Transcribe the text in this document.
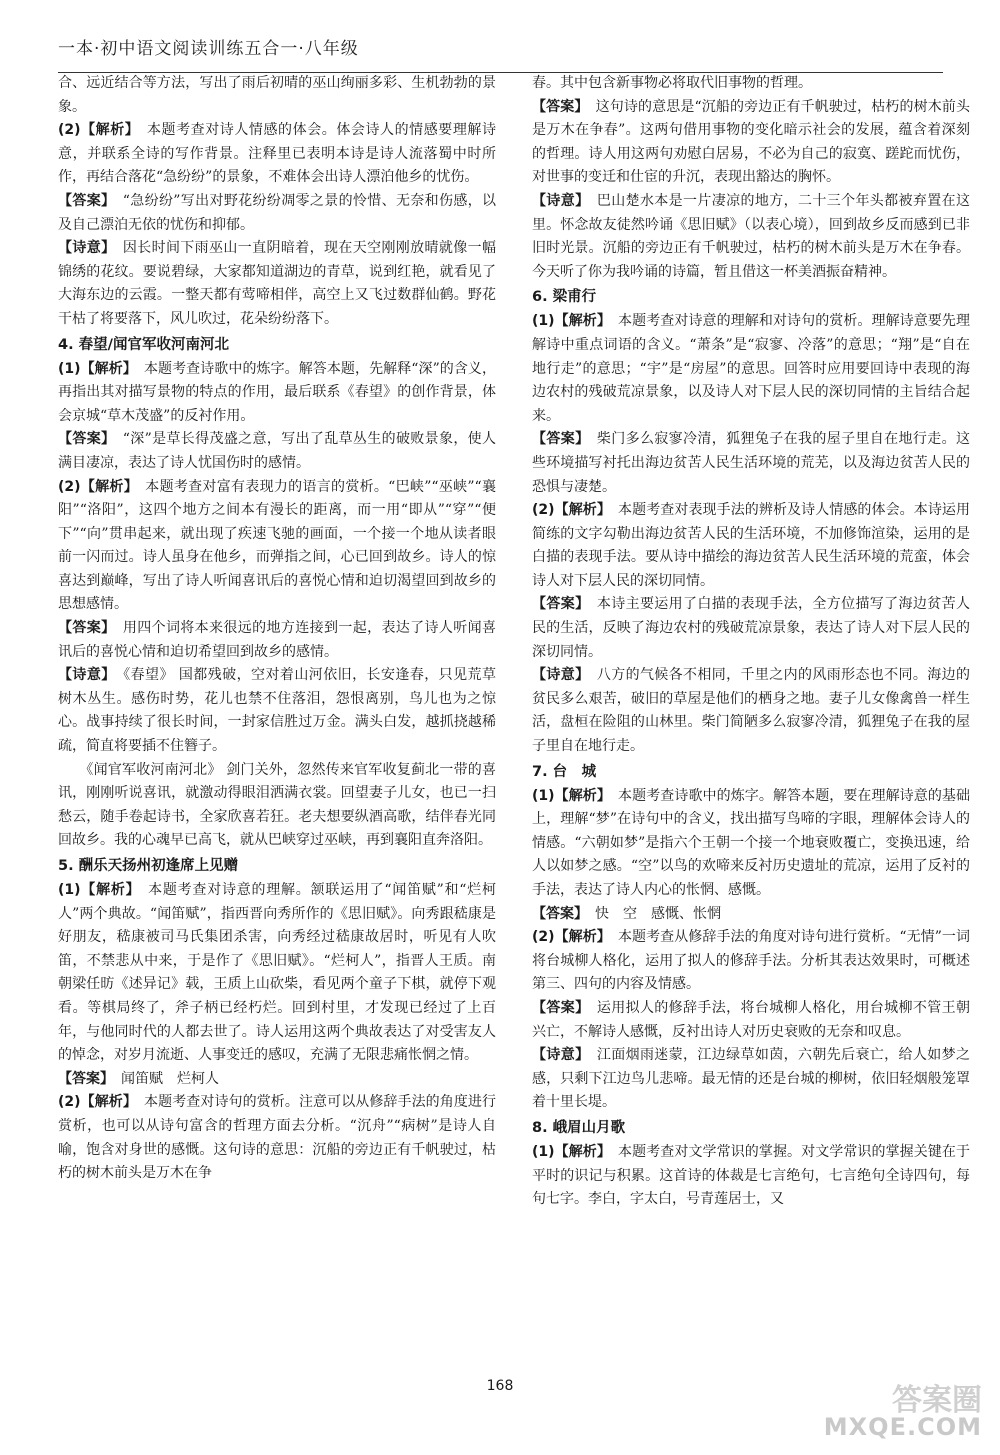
一本·初中语文阅读训练五合一·八年级
合、远近结合等方法，写出了雨后初晴的巫山绚丽多彩、生机勃勃的景象。
(2)【解析】　 本题考查对诗人情感的体会。体会诗人的情感要理解诗意，并联系全诗的写作背景。注释里已表明本诗是诗人流落蜀中时所作，再结合落花“急纷纷”的景象，不难体会出诗人漂泊他乡的忧伤。
【答案】　 “急纷纷”写出对野花纷纷凋零之景的怜惜、无奈和伤感，以及自己漂泊无依的忧伤和抑郁。
【诗意】　 因长时间下雨巫山一直阴暗着，现在天空刚刚放晴就像一幅锦绣的花纹。要说碧绿，大家都知道湖边的青草，说到红艳，就看见了大海东边的云霞。一整天都有莺啼相伴，高空上又飞过数群仙鹤。野花干枯了将要落下，风儿吹过，花朵纷纷落下。
4. 春望/闻官军收河南河北
(1)【解析】　 本题考查诗歌中的炼字。解答本题，先解释“深”的含义，再指出其对描写景物的特点的作用，最后联系《春望》的创作背景，体会京城“草木茂盛”的反衬作用。
【答案】　 “深”是草长得茂盛之意，写出了乱草丛生的破败景象，使人满目凄凉，表达了诗人忧国伤时的感情。
(2)【解析】　 本题考查对富有表现力的语言的赏析。“巴峡”“巫峡”“襄阳”“洛阳”，这四个地方之间本有漫长的距离，而一用“即从”“穿”“便下”“向”贯串起来，就出现了疾速飞驰的画面，一个接一个地从读者眼前一闪而过。诗人虽身在他乡，而弹指之间，心已回到故乡。诗人的惊喜达到巅峰，写出了诗人听闻喜讯后的喜悦心情和迫切渴望回到故乡的思想感情。
【答案】　 用四个词将本来很远的地方连接到一起，表达了诗人听闻喜讯后的喜悦心情和迫切希望回到故乡的感情。
【诗意】　 《春望》 国都残破，空对着山河依旧，长安逢春，只见荒草树木丛生。感伤时势，花儿也禁不住落泪，怨恨离别，鸟儿也为之惊心。战事持续了很长时间，一封家信胜过万金。满头白发，越抓挠越稀疏，简直将要插不住簪子。
　　《闻官军收河南河北》 剑门关外，忽然传来官军收复蓟北一带的喜讯，刚刚听说喜讯，就激动得眼泪洒满衣裳。回望妻子儿女，也已一扫愁云，随手卷起诗书，全家欣喜若狂。老夫想要纵酒高歌，结伴春光同回故乡。我的心魂早已高飞，就从巴峡穿过巫峡，再到襄阳直奔洛阳。
5. 酬乐天扬州初逢席上见赠
(1)【解析】　 本题考查对诗意的理解。颔联运用了“闻笛赋”和“烂柯人”两个典故。“闻笛赋”，指西晋向秀所作的《思旧赋》。向秀跟嵇康是好朋友，嵇康被司马氏集团杀害，向秀经过嵇康故居时，听见有人吹笛，不禁悲从中来，于是作了《思旧赋》。“烂柯人”，指晋人王质。南朝梁任昉《述异记》载，王质上山砍柴，看见两个童子下棋，就停下观看。等棋局终了，斧子柄已经朽烂。回到村里，才发现已经过了上百年，与他同时代的人都去世了。诗人运用这两个典故表达了对受害友人的悼念，对岁月流逝、人事变迁的感叹，充满了无限悲痛怅惘之情。
【答案】　 闻笛赋　烂柯人
(2)【解析】　 本题考查对诗句的赏析。注意可以从修辞手法的角度进行赏析，也可以从诗句富含的哲理方面去分析。“沉舟”“病树”是诗人自喻，饱含对身世的感慨。这句诗的意思：沉船的旁边正有千帆驶过，枯朽的树木前头是万木在争
春。其中包含新事物必将取代旧事物的哲理。
【答案】　 这句诗的意思是“沉船的旁边正有千帆驶过，枯朽的树木前头是万木在争春”。这两句借用事物的变化暗示社会的发展，蕴含着深刻的哲理。诗人用这两句劝慰白居易，不必为自己的寂寞、蹉跎而忧伤，对世事的变迁和仕宦的升沉，表现出豁达的胸怀。
【诗意】　 巴山楚水本是一片凄凉的地方，二十三个年头都被弃置在这里。怀念故友徒然吟诵《思旧赋》（以表心境），回到故乡反而感到已非旧时光景。沉船的旁边正有千帆驶过，枯朽的树木前头是万木在争春。今天听了你为我吟诵的诗篇，暂且借这一杯美酒振奋精神。
6. 梁甫行
(1)【解析】　 本题考查对诗意的理解和对诗句的赏析。理解诗意要先理解诗中重点词语的含义。“萧条”是“寂寥、冷落”的意思；“翔”是“自在地行走”的意思；“宇”是“房屋”的意思。回答时应用要回诗中表现的海边农村的残破荒凉景象，以及诗人对下层人民的深切同情的主旨结合起来。
【答案】　 柴门多么寂寥冷清，狐狸兔子在我的屋子里自在地行走。这些环境描写衬托出海边贫苦人民生活环境的荒芜，以及海边贫苦人民的恐惧与凄楚。
(2)【解析】　 本题考查对表现手法的辨析及诗人情感的体会。本诗运用简练的文字勾勒出海边贫苦人民的生活环境，不加修饰渲染，运用的是白描的表现手法。要从诗中描绘的海边贫苦人民生活环境的荒蛮，体会诗人对下层人民的深切同情。
【答案】　 本诗主要运用了白描的表现手法，全方位描写了海边贫苦人民的生活，反映了海边农村的残破荒凉景象，表达了诗人对下层人民的深切同情。
【诗意】　 八方的气候各不相同，千里之内的风雨形态也不同。海边的贫民多么艰苦，破旧的草屋是他们的栖身之地。妻子儿女像禽兽一样生活，盘桓在险阻的山林里。柴门简陋多么寂寥冷清，狐狸兔子在我的屋子里自在地行走。
7. 台　城
(1)【解析】　 本题考查诗歌中的炼字。解答本题，要在理解诗意的基础上，理解“梦”在诗句中的含义，找出描写鸟啼的字眼，理解体会诗人的情感。“六朝如梦”是指六个王朝一个接一个地衰败覆亡，变换迅速，给人以如梦之感。“空”以鸟的欢啼来反衬历史遗址的荒凉，运用了反衬的手法，表达了诗人内心的怅惘、感慨。
【答案】　 快　空　感慨、怅惘
(2)【解析】　 本题考查从修辞手法的角度对诗句进行赏析。“无情”一词将台城柳人格化，运用了拟人的修辞手法。分析其表达效果时，可概述第三、四句的内容及情感。
【答案】　 运用拟人的修辞手法，将台城柳人格化，用台城柳不管王朝兴亡，不解诗人感慨，反衬出诗人对历史衰败的无奈和叹息。
【诗意】　 江面烟雨迷蒙，江边绿草如茵，六朝先后衰亡，给人如梦之感，只剩下江边鸟儿悲啼。最无情的还是台城的柳树，依旧轻烟般笼罩着十里长堤。
8. 峨眉山月歌
(1)【解析】　 本题考查对文学常识的掌握。对文学常识的掌握关键在于平时的识记与积累。这首诗的体裁是七言绝句，七言绝句全诗四句，每句七字。李白，字太白，号青莲居士，又
168	答案圈
MXQE.COM
